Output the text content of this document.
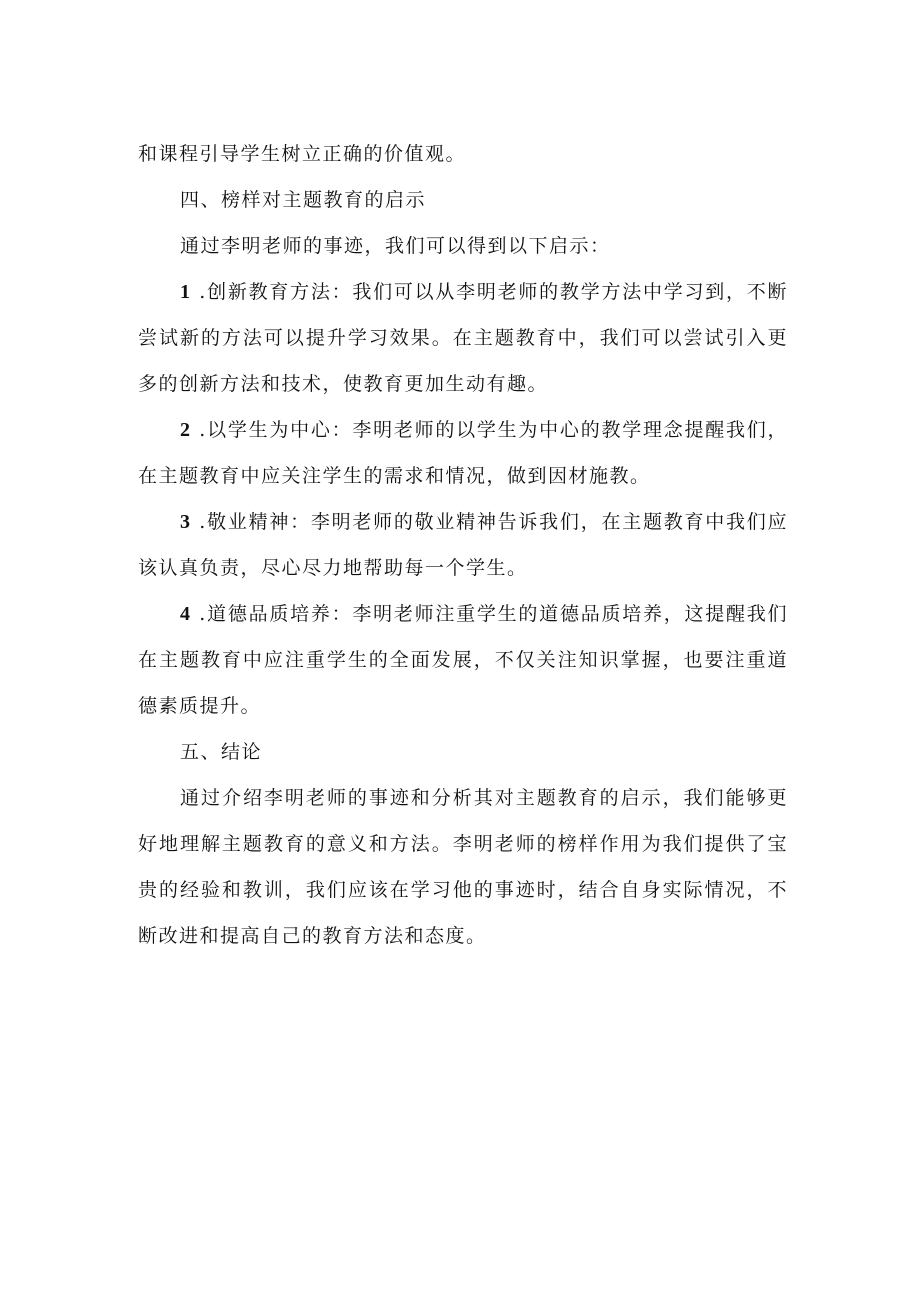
和课程引导学生树立正确的价值观。

四、榜样对主题教育的启示

通过李明老师的事迹，我们可以得到以下启示：

1 .创新教育方法：我们可以从李明老师的教学方法中学习到，不断尝试新的方法可以提升学习效果。在主题教育中，我们可以尝试引入更多的创新方法和技术，使教育更加生动有趣。

2 .以学生为中心：李明老师的以学生为中心的教学理念提醒我们，在主题教育中应关注学生的需求和情况，做到因材施教。

3 .敬业精神：李明老师的敬业精神告诉我们，在主题教育中我们应该认真负责，尽心尽力地帮助每一个学生。

4 .道德品质培养：李明老师注重学生的道德品质培养，这提醒我们在主题教育中应注重学生的全面发展，不仅关注知识掌握，也要注重道德素质提升。

五、结论

通过介绍李明老师的事迹和分析其对主题教育的启示，我们能够更好地理解主题教育的意义和方法。李明老师的榜样作用为我们提供了宝贵的经验和教训，我们应该在学习他的事迹时，结合自身实际情况，不断改进和提高自己的教育方法和态度。
